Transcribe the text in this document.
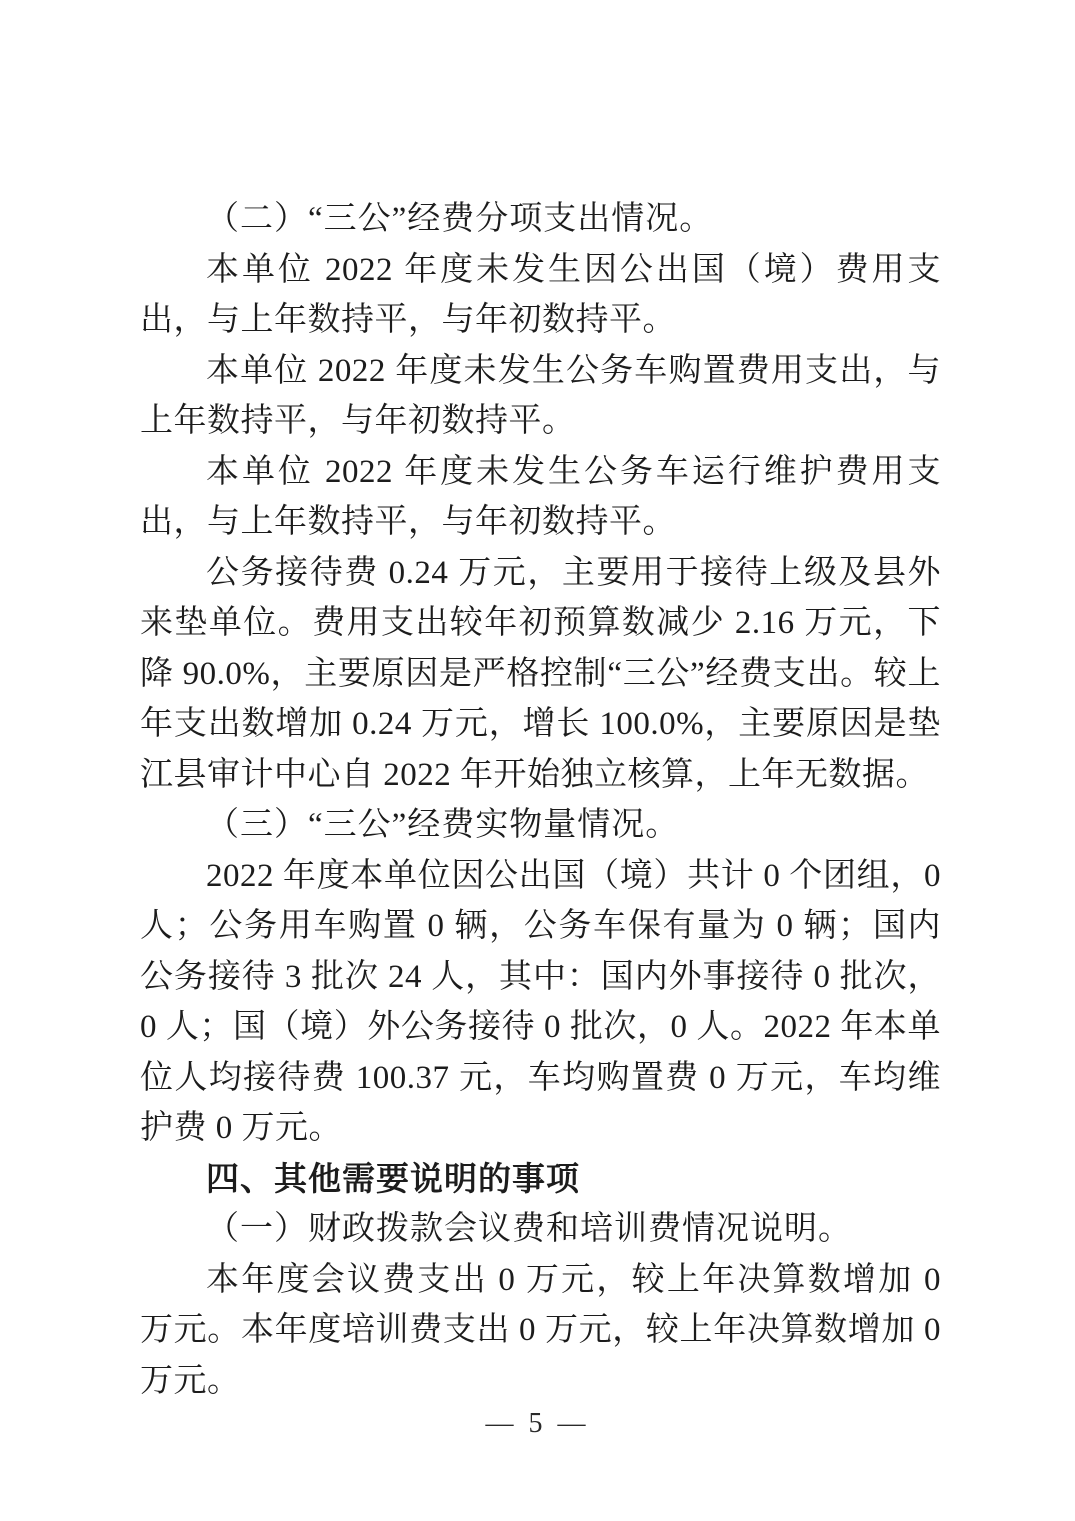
（二）“三公”经费分项支出情况。

本单位 2022 年度未发生因公出国（境）费用支出，与上年数持平，与年初数持平。

本单位 2022 年度未发生公务车购置费用支出，与上年数持平，与年初数持平。

本单位 2022 年度未发生公务车运行维护费用支出，与上年数持平，与年初数持平。

公务接待费 0.24 万元，主要用于接待上级及县外来垫单位。费用支出较年初预算数减少 2.16 万元，下降 90.0%，主要原因是严格控制“三公”经费支出。较上年支出数增加 0.24 万元，增长 100.0%，主要原因是垫江县审计中心自 2022 年开始独立核算，上年无数据。

（三）“三公”经费实物量情况。

2022 年度本单位因公出国（境）共计 0 个团组，0 人；公务用车购置 0 辆，公务车保有量为 0 辆；国内公务接待 3 批次 24 人，其中：国内外事接待 0 批次，0 人；国（境）外公务接待 0 批次，0 人。2022 年本单位人均接待费 100.37 元，车均购置费 0 万元，车均维护费 0 万元。

四、其他需要说明的事项

（一）财政拨款会议费和培训费情况说明。

本年度会议费支出 0 万元，较上年决算数增加 0 万元。本年度培训费支出 0 万元，较上年决算数增加 0 万元。

— 5 —
